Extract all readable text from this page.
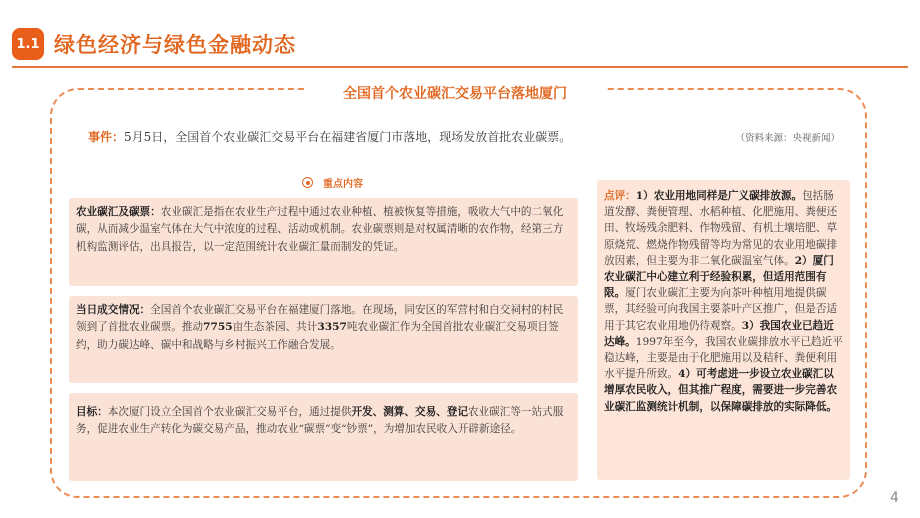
1.1 绿色经济与绿色金融动态
全国首个农业碳汇交易平台落地厦门
事件：5月5日，全国首个农业碳汇交易平台在福建省厦门市落地，现场发放首批农业碳票。	（资料来源：央视新闻）
重点内容
农业碳汇及碳票：农业碳汇是指在农业生产过程中通过农业种植、植被恢复等措施，吸收大气中的二氧化碳，从而减少温室气体在大气中浓度的过程、活动或机制。农业碳票则是对权属清晰的农作物，经第三方机构监测评估，出具报告，以一定范围统计农业碳汇量而制发的凭证。
当日成交情况：全国首个农业碳汇交易平台在福建厦门落地。在现场，同安区的军营村和白交祠村的村民领到了首批农业碳票。推动7755亩生态茶园、共计3357吨农业碳汇作为全国首批农业碳汇交易项目签约，助力碳达峰、碳中和战略与乡村振兴工作融合发展。
目标：本次厦门设立全国首个农业碳汇交易平台，通过提供开发、测算、交易、登记农业碳汇等一站式服务，促进农业生产转化为碳交易产品，推动农业“碳票”变“钞票”，为增加农民收入开辟新途径。
点评：1）农业用地同样是广义碳排放源。包括肠道发酵、粪便管理、水稻种植、化肥施用、粪便还田、牧场残余肥料、作物残留、有机土壤培肥、草原烧荒、燃烧作物残留等均为常见的农业用地碳排放因素，但主要为非二氧化碳温室气体。2）厦门农业碳汇中心建立利于经验积累，但适用范围有限。厦门农业碳汇主要为向茶叶种植用地提供碳票，其经验可向我国主要茶叶产区推广，但是否适用于其它农业用地仍待观察。3）我国农业已趋近达峰。1997年至今，我国农业碳排放水平已趋近平稳达峰，主要是由于化肥施用以及秸秆、粪便利用水平提升所致。4）可考虑进一步设立农业碳汇以增厚农民收入，但其推广程度，需要进一步完善农业碳汇监测统计机制，以保障碳排放的实际降低。
4
